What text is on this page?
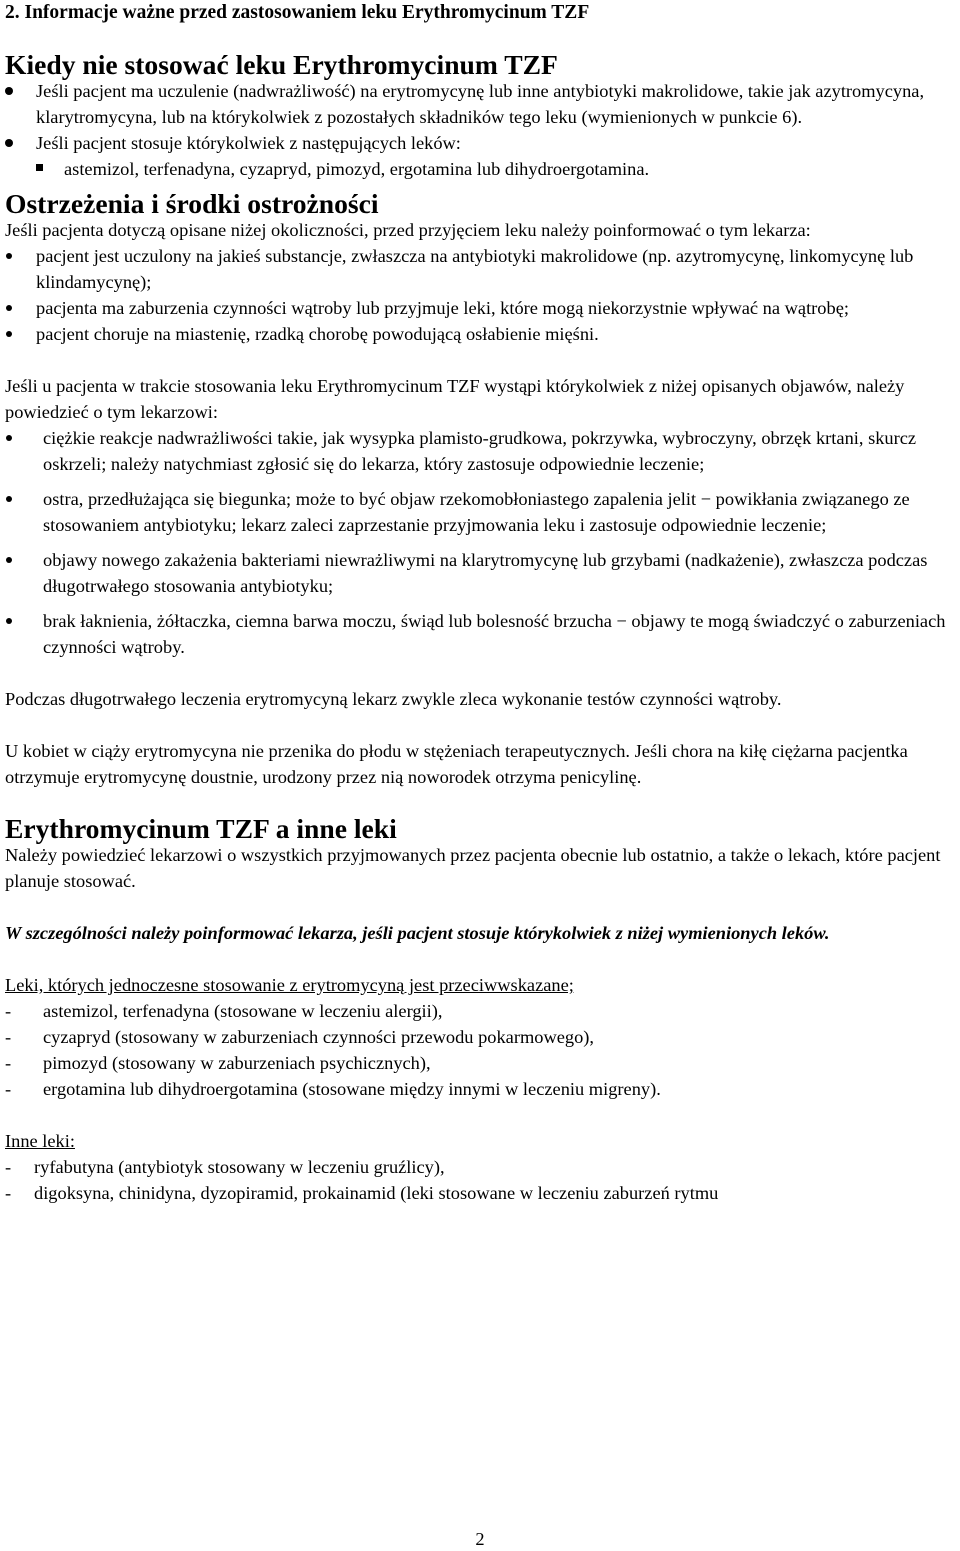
2. Informacje ważne przed zastosowaniem leku Erythromycinum TZF
Kiedy nie stosować leku Erythromycinum TZF
Jeśli pacjent ma uczulenie (nadwrażliwość) na erytromycynę lub inne antybiotyki makrolidowe, takie jak azytromycyna, klarytromycyna, lub na którykolwiek z pozostałych składników tego leku (wymienionych w punkcie 6).
Jeśli pacjent stosuje którykolwiek z następujących leków:
astemizol, terfenadyna, cyzapryd, pimozyd, ergotamina lub dihydroergotamina.
Ostrzeżenia i środki ostrożności

Jeśli pacjenta dotyczą opisane niżej okoliczności, przed przyjęciem leku należy poinformować o tym lekarza:

pacjent jest uczulony na jakieś substancje, zwłaszcza na antybiotyki makrolidowe (np. azytromycynę, linkomycynę lub klindamycynę);
pacjenta ma zaburzenia czynności wątroby lub przyjmuje leki, które mogą niekorzystnie wpływać na wątrobę;
pacjent choruje na miastenię, rzadką chorobę powodującą osłabienie mięśni.

Jeśli u pacjenta w trakcie stosowania leku Erythromycinum TZF wystąpi którykolwiek z niżej opisanych objawów, należy powiedzieć o tym lekarzowi:

ciężkie reakcje nadwrażliwości takie, jak wysypka plamisto-grudkowa, pokrzywka, wybroczyny, obrzęk krtani, skurcz oskrzeli; należy natychmiast zgłosić się do lekarza, który zastosuje odpowiednie leczenie;
ostra, przedłużająca się biegunka; może to być objaw rzekomobłoniastego zapalenia jelit − powikłania związanego ze stosowaniem antybiotyku; lekarz zaleci zaprzestanie przyjmowania leku i zastosuje odpowiednie leczenie;
objawy nowego zakażenia bakteriami niewrażliwymi na klarytromycynę lub grzybami (nadkażenie), zwłaszcza podczas długotrwałego stosowania antybiotyku;
brak łaknienia, żółtaczka, ciemna barwa moczu, świąd lub bolesność brzucha − objawy te mogą świadczyć o zaburzeniach czynności wątroby.

Podczas długotrwałego leczenia erytromycyną lekarz zwykle zleca wykonanie testów czynności wątroby.

U kobiet w ciąży erytromycyna nie przenika do płodu w stężeniach terapeutycznych. Jeśli chora na kiłę ciężarna pacjentka otrzymuje erytromycynę doustnie, urodzony przez nią noworodek otrzyma penicylinę.

Erythromycinum TZF a inne leki

Należy powiedzieć lekarzowi o wszystkich przyjmowanych przez pacjenta obecnie lub ostatnio, a także o lekach, które pacjent planuje stosować.

W szczególności należy poinformować lekarza, jeśli pacjent stosuje którykolwiek z niżej wymienionych leków.

Leki, których jednoczesne stosowanie z erytromycyną jest przeciwwskazane;

- astemizol, terfenadyna (stosowane w leczeniu alergii),
- cyzapryd (stosowany w zaburzeniach czynności przewodu pokarmowego),
- pimozyd (stosowany w zaburzeniach psychicznych),
- ergotamina lub dihydroergotamina (stosowane między innymi w leczeniu migreny).

Inne leki:

- ryfabutyna (antybiotyk stosowany w leczeniu gruźlicy),
- digoksyna, chinidyna, dyzopiramid, prokainamid (leki stosowane w leczeniu zaburzeń rytmu
2
